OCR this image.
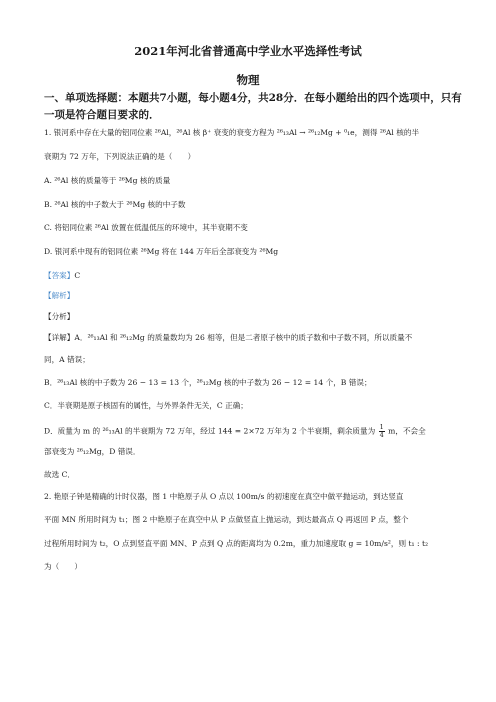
2021年河北省普通高中学业水平选择性考试
物理
一、单项选择题：本题共7小题，每小题4分，共28分．在每小题给出的四个选项中，只有
一项是符合题目要求的．
1. 银河系中存在大量的铝同位素 ²⁶Al，²⁶Al 核 β⁺ 衰变的衰变方程为 ²⁶₁₃Al → ²⁶₁₂Mg + ⁰₁e，测得 ²⁶Al 核的半
衰期为 72 万年，下列说法正确的是（　　）
A. ²⁶Al 核的质量等于 ²⁶Mg 核的质量
B. ²⁶Al 核的中子数大于 ²⁶Mg 核的中子数
C. 将铝同位素 ²⁶Al 放置在低温低压的环境中，其半衰期不变
D. 银河系中现有的铝同位素 ²⁶Mg 将在 144 万年后全部衰变为 ²⁶Mg
【答案】C
【解析】
【分析】
【详解】A．²⁶₁₃Al 和 ²⁶₁₂Mg 的质量数均为 26 相等，但是二者原子核中的质子数和中子数不同，所以质量不
同，A 错误；
B．²⁶₁₃Al 核的中子数为 26 − 13 = 13 个，²⁶₁₂Mg 核的中子数为 26 − 12 = 14 个，B 错误；
C．半衰期是原子核固有的属性，与外界条件无关，C 正确；
D．质量为 m 的 ²⁶₁₃Al 的半衰期为 72 万年，经过 144 = 2×72 万年为 2 个半衰期，剩余质量为 $\frac{1}{4}$ m，不会全
部衰变为 ²⁶₁₂Mg，D 错误．
故选 C．
2. 艳原子钟是精确的计时仪器，图 1 中艳原子从 O 点以 100m/s 的初速度在真空中做平抛运动，到达竖直
平面 MN 所用时间为 t₁；图 2 中艳原子在真空中从 P 点做竖直上抛运动，到达最高点 Q 再返回 P 点，整个
过程所用时间为 t₂，O 点到竖直平面 MN、P 点到 Q 点的距离均为 0.2m，重力加速度取 g = 10m/s²，则 t₁ : t₂
为（　　）
